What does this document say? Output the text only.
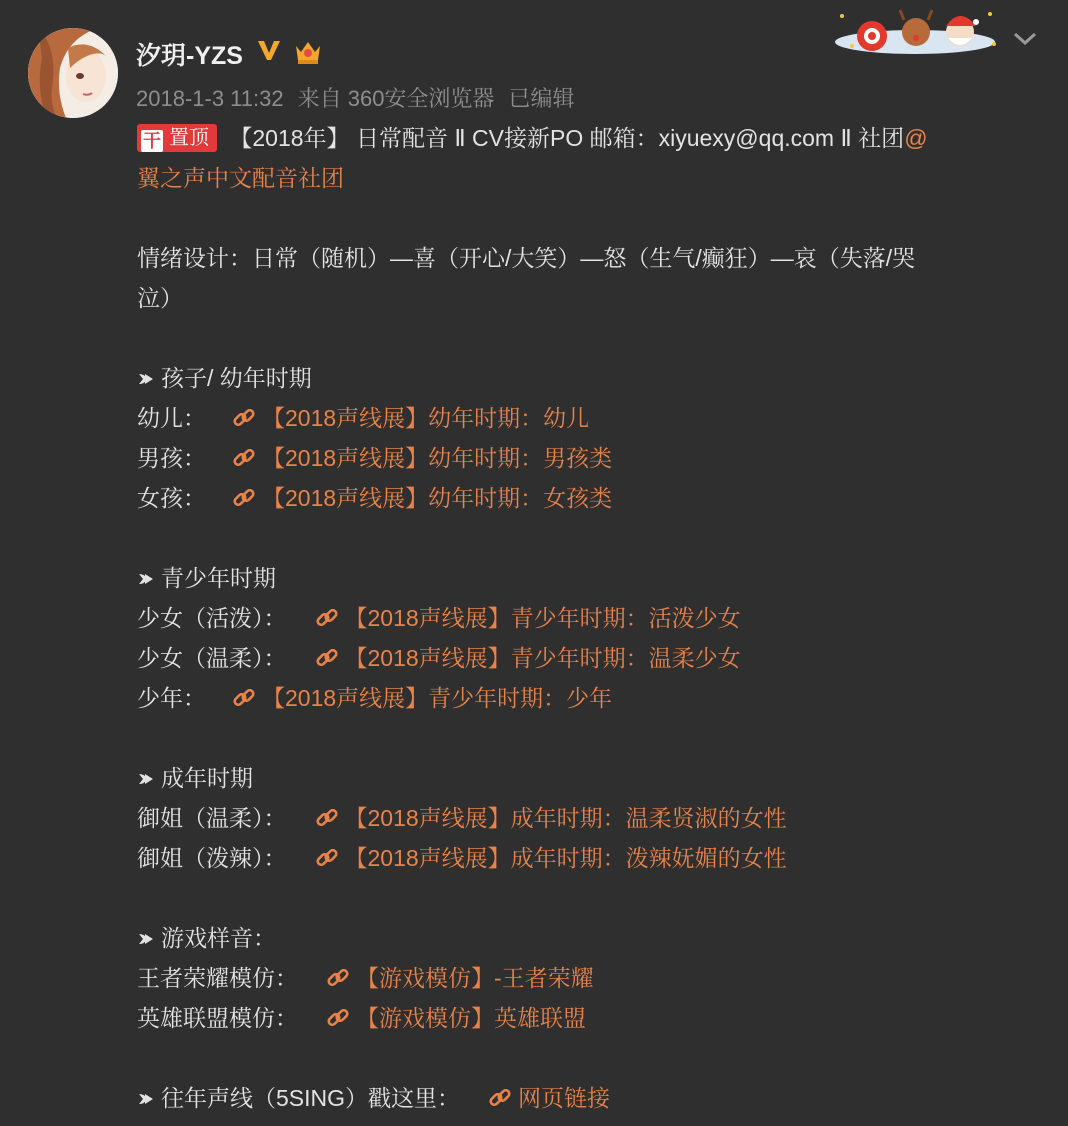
汐玥-YZS
2018-1-3 11:32 来自 360安全浏览器 已编辑
干 置顶 【2018年】 日常配音 Ⅱ CV接新PO 邮箱：xiyuexy@qq.com Ⅱ 社团@
翼之声中文配音社团
情绪设计：日常（随机）—喜（开心/大笑）—怒（生气/癫狂）—哀（失落/哭
泣）
孩子/ 幼年时期
幼儿： 【2018声线展】幼年时期：幼儿
男孩： 【2018声线展】幼年时期：男孩类
女孩： 【2018声线展】幼年时期：女孩类
青少年时期
少女（活泼）：	【2018声线展】青少年时期：活泼少女
少女（温柔）：	【2018声线展】青少年时期：温柔少女
少年： 【2018声线展】青少年时期：少年
成年时期
御姐（温柔）：	【2018声线展】成年时期：温柔贤淑的女性
御姐（泼辣）：	【2018声线展】成年时期：泼辣妩媚的女性
游戏样音：
王者荣耀模仿：	【游戏模仿】-王者荣耀
英雄联盟模仿：	【游戏模仿】英雄联盟
往年声线（5SING）戳这里：	网页链接
